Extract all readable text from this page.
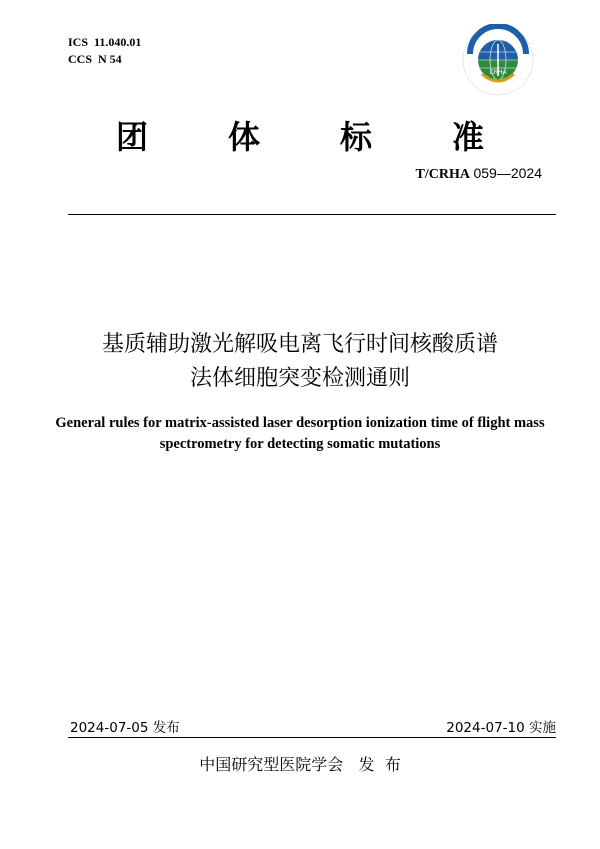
ICS  11.040.01
CCS  N 54
CRHA
团	体	标	准
T/CRHA 059—2024
基质辅助激光解吸电离飞行时间核酸质谱
法体细胞突变检测通则
General rules for matrix-assisted laser desorption ionization time of flight mass
spectrometry for detecting somatic mutations
2024-07-05 发布	2024-07-10 实施
中国研究型医院学会   发  布
